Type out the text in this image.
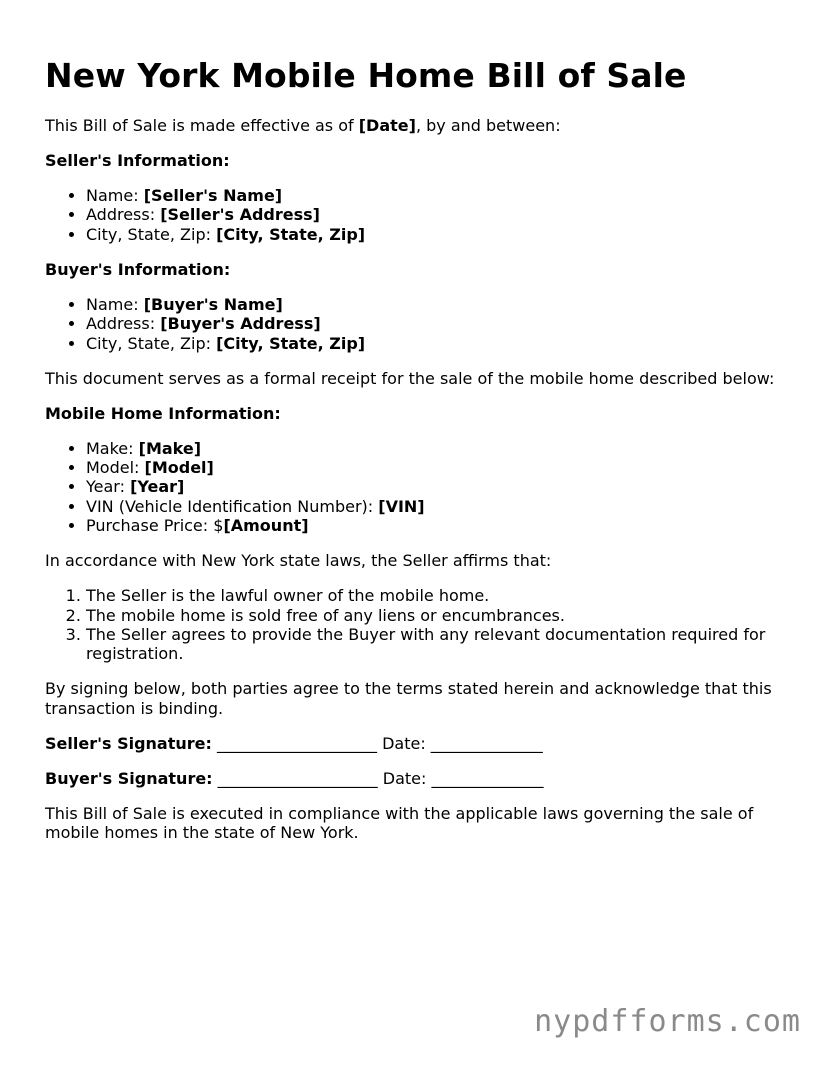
New York Mobile Home Bill of Sale

This Bill of Sale is made effective as of [Date], by and between:

Seller's Information:

• Name: [Seller's Name]
• Address: [Seller's Address]
• City, State, Zip: [City, State, Zip]

Buyer's Information:

• Name: [Buyer's Name]
• Address: [Buyer's Address]
• City, State, Zip: [City, State, Zip]

This document serves as a formal receipt for the sale of the mobile home described below:

Mobile Home Information:

• Make: [Make]
• Model: [Model]
• Year: [Year]
• VIN (Vehicle Identification Number): [VIN]
• Purchase Price: $[Amount]

In accordance with New York state laws, the Seller affirms that:

1. The Seller is the lawful owner of the mobile home.
2. The mobile home is sold free of any liens or encumbrances.
3. The Seller agrees to provide the Buyer with any relevant documentation required for registration.

By signing below, both parties agree to the terms stated herein and acknowledge that this transaction is binding.

Seller's Signature: ____________________ Date: ______________

Buyer's Signature: ____________________ Date: ______________

This Bill of Sale is executed in compliance with the applicable laws governing the sale of mobile homes in the state of New York.

nypdfforms.com
